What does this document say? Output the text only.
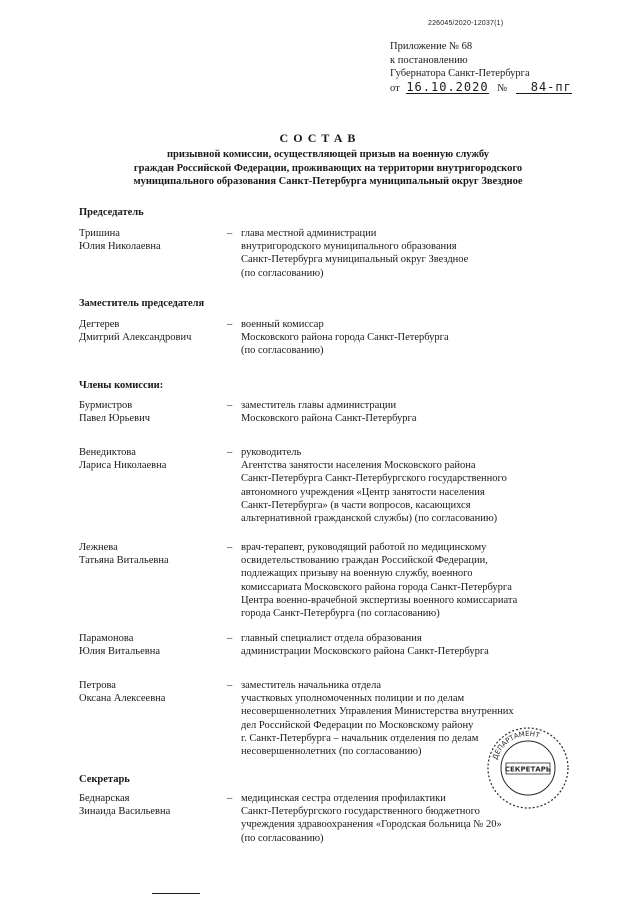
226045/2020-12037(1)
Приложение № 68
к постановлению
Губернатора Санкт-Петербурга
от 16.10.2020 № 84-пг
СОСТАВ
призывной комиссии, осуществляющей призыв на военную службу
граждан Российской Федерации, проживающих на территории внутригородского
муниципального образования Санкт-Петербурга муниципальный округ Звездное
Председатель
Заместитель председателя
Члены комиссии:
Секретарь
Тришина
Юлия Николаевна
– глава местной администрации
внутригородского муниципального образования
Санкт-Петербурга муниципальный округ Звездное
(по согласованию)
Дегтерев
Дмитрий Александрович
– военный комиссар
Московского района города Санкт-Петербурга
(по согласованию)
Бурмистров
Павел Юрьевич
– заместитель главы администрации
Московского района Санкт-Петербурга
Венедиктова
Лариса Николаевна
– руководитель
Агентства занятости населения Московского района
Санкт-Петербурга Санкт-Петербургского государственного
автономного учреждения «Центр занятости населения
Санкт-Петербурга» (в части вопросов, касающихся
альтернативной гражданской службы) (по согласованию)
Лежнева
Татьяна Витальевна
– врач-терапевт, руководящий работой по медицинскому
освидетельствованию граждан Российской Федерации,
подлежащих призыву на военную службу, военного
комиссариата Московского района города Санкт-Петербурга
Центра военно-врачебной экспертизы военного комиссариата
города Санкт-Петербурга (по согласованию)
Парамонова
Юлия Витальевна
– главный специалист отдела образования
администрации Московского района Санкт-Петербурга
Петрова
Оксана Алексеевна
– заместитель начальника отдела
участковых уполномоченных полиции и по делам
несовершеннолетних Управления Министерства внутренних
дел Российской Федерации по Московскому району
г. Санкт-Петербурга – начальник отделения по делам
несовершеннолетних (по согласованию)
Беднарская
Зинаида Васильевна
– медицинская сестра отделения профилактики
Санкт-Петербургского государственного бюджетного
учреждения здравоохранения «Городская больница № 20»
(по согласованию)
ДЕПАРТАМЕНТ
СЕКРЕТАРЬ
